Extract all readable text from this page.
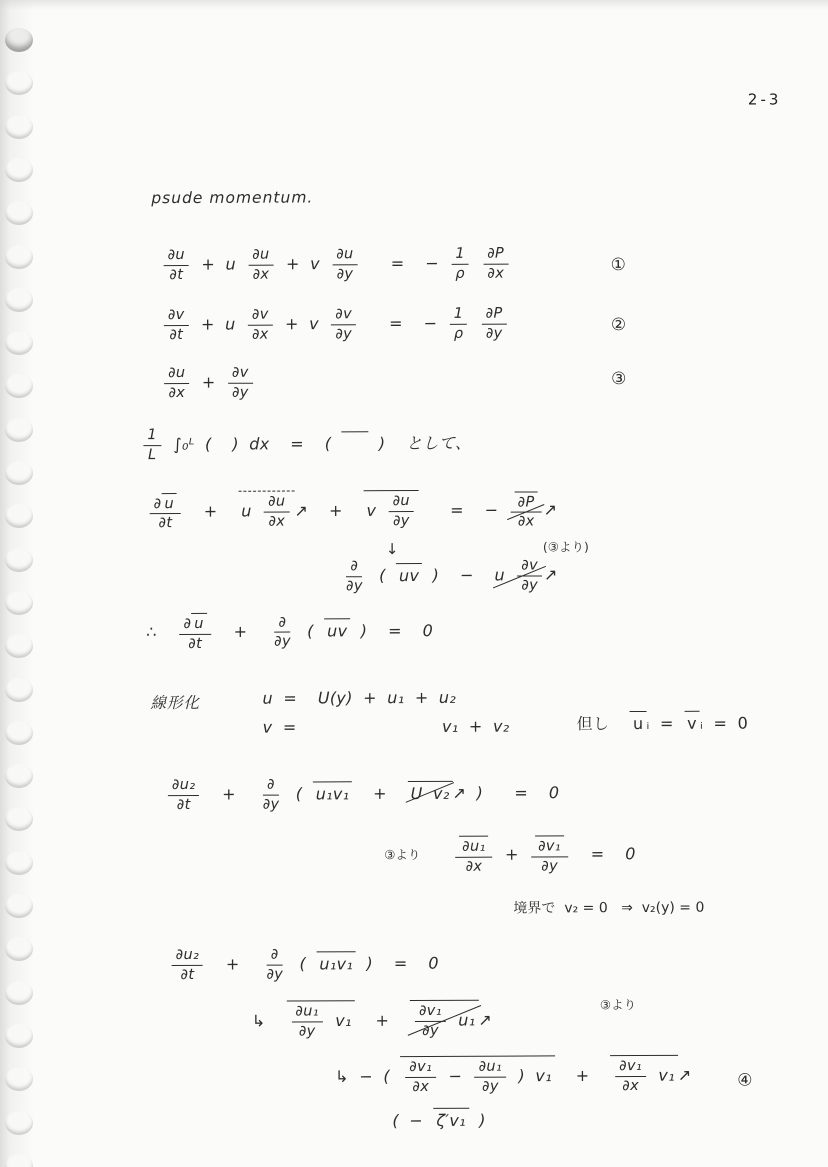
2-3
psude momentum.
$\frac{\partial u}{\partial t} + u \frac{\partial u}{\partial x} + v \frac{\partial u}{\partial y}$ = − $\frac{1}{\rho}$
$\frac{\partial P}{\partial x}$	①
$\frac{\partial v}{\partial t} + u \frac{\partial v}{\partial x} + v \frac{\partial v}{\partial y}$ = − $\frac{1}{\rho}$
$\frac{\partial P}{\partial y}$	②
$\frac{\partial u}{\partial x} + \frac{\partial v}{\partial y}$	③
$\frac{1}{L}$ ∫₀ᴸ ( ) dx = (	) として、
$\frac{\partial u}{\partial t} + u \frac{\partial u}{\partial x}$ ↗ + v $\frac{\partial u}{\partial y}$ = − $\frac{\partial P}{\partial x}$ ↗
↓	(③より)
$\frac{\partial}{\partial y}$ ( uv ) − u $\frac{\partial v}{\partial y}$ ↗
∴ $\frac{\partial u}{\partial t} + \frac{\partial}{\partial y}$ ( uv ) = 0
線形化	u = U(y) + u₁ + u₂
v =	v₁ + v₂	但し u ᵢ = v ᵢ = 0
$\frac{\text{∂u₂}}{\partial t} + \frac{\partial}{\partial y}$ ( u₁v₁ + U v₂ ↗ ) = 0
③より $\frac{\text{∂u₁}}{\partial x} + \frac{\text{∂v₁}}{\partial y} = 0$
境界で  v₂ = 0   ⇒  v₂(y) = 0
$\frac{\text{∂u₂}}{\partial t} + \frac{\partial}{\partial y}$ ( u₁v₁ ) = 0
↳ $\frac{\text{∂u₁}}{\partial y} v_1 + \frac{\text{∂v₁}}{\partial y} u_1$ ↗
③より
↳ − ( $\frac{\text{∂v₁}}{\partial x} - \frac{\text{∂u₁}}{\partial y}$ ) $v_1 + \frac{\text{∂v₁}}{\partial x} v_1$ ↗	④
( − ζ′v₁ )
